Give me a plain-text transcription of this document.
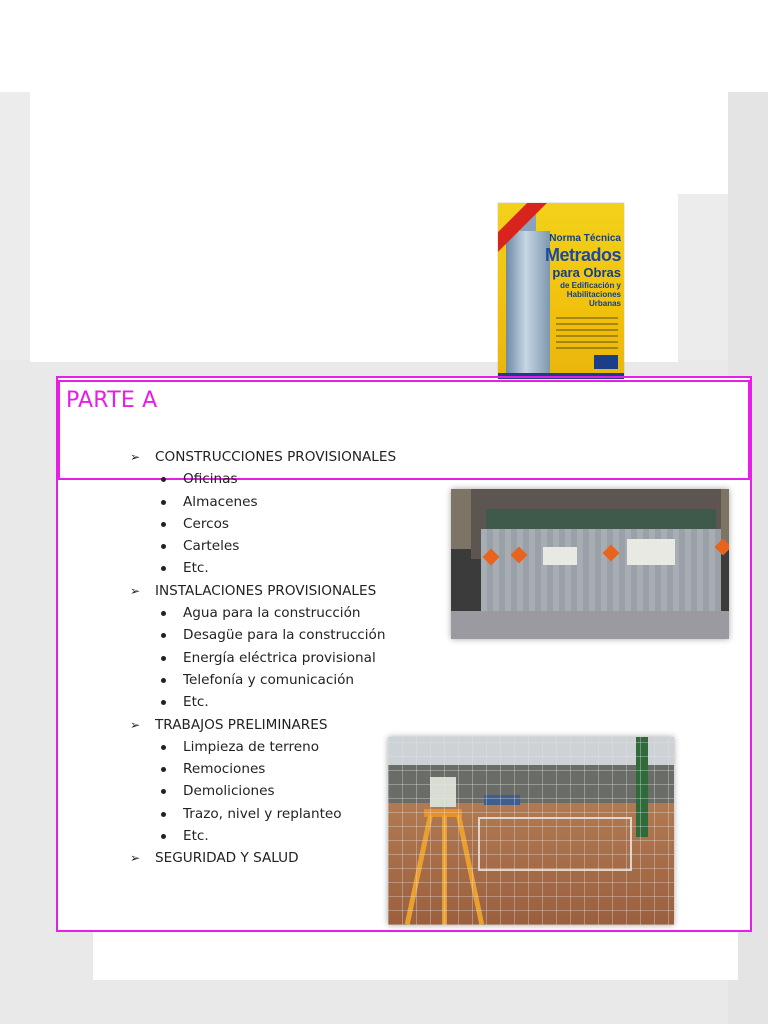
Norma Técnica

Metrados

para Obras

de Edificación y Habilitaciones Urbanas

PARTE A
➢ CONSTRUCCIONES PROVISIONALES
Oficinas
Almacenes
Cercos
Carteles
Etc.
➢ INSTALACIONES PROVISIONALES
Agua para la construcción
Desagüe para la construcción
Energía eléctrica provisional
Telefonía y comunicación
Etc.
➢ TRABAJOS PRELIMINARES
Limpieza de terreno
Remociones
Demoliciones
Trazo, nivel y replanteo
Etc.
➢ SEGURIDAD Y SALUD
